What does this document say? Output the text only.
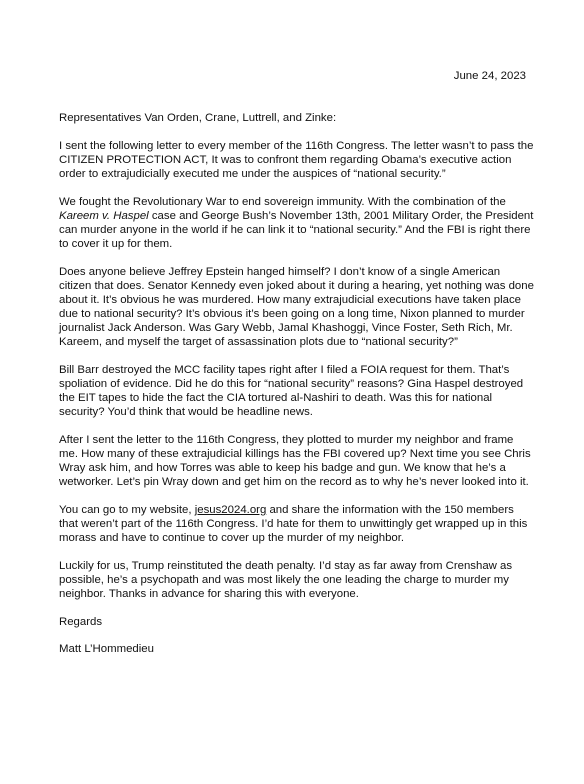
June 24, 2023

Representatives Van Orden, Crane, Luttrell, and Zinke:

I sent the following letter to every member of the 116th Congress. The letter wasn’t to pass the CITIZEN PROTECTION ACT, It was to confront them regarding Obama’s executive action order to extrajudicially executed me under the auspices of “national security.”

We fought the Revolutionary War to end sovereign immunity. With the combination of the Kareem v. Haspel case and George Bush’s November 13th, 2001 Military Order, the President can murder anyone in the world if he can link it to “national security.” And the FBI is right there to cover it up for them.

Does anyone believe Jeffrey Epstein hanged himself? I don’t know of a single American citizen that does. Senator Kennedy even joked about it during a hearing, yet nothing was done about it. It’s obvious he was murdered. How many extrajudicial executions have taken place due to national security? It’s obvious it’s been going on a long time, Nixon planned to murder journalist Jack Anderson. Was Gary Webb, Jamal Khashoggi, Vince Foster, Seth Rich, Mr. Kareem, and myself the target of assassination plots due to “national security?”

Bill Barr destroyed the MCC facility tapes right after I filed a FOIA request for them. That’s spoliation of evidence. Did he do this for “national security” reasons? Gina Haspel destroyed the EIT tapes to hide the fact the CIA tortured al-Nashiri to death. Was this for national security? You’d think that would be headline news.

After I sent the letter to the 116th Congress, they plotted to murder my neighbor and frame me. How many of these extrajudicial killings has the FBI covered up? Next time you see Chris Wray ask him, and how Torres was able to keep his badge and gun. We know that he’s a wetworker. Let’s pin Wray down and get him on the record as to why he’s never looked into it.

You can go to my website, jesus2024.org and share the information with the 150 members that weren’t part of the 116th Congress. I’d hate for them to unwittingly get wrapped up in this morass and have to continue to cover up the murder of my neighbor.

Luckily for us, Trump reinstituted the death penalty. I’d stay as far away from Crenshaw as possible, he’s a psychopath and was most likely the one leading the charge to murder my neighbor. Thanks in advance for sharing this with everyone.

Regards

Matt L’Hommedieu
